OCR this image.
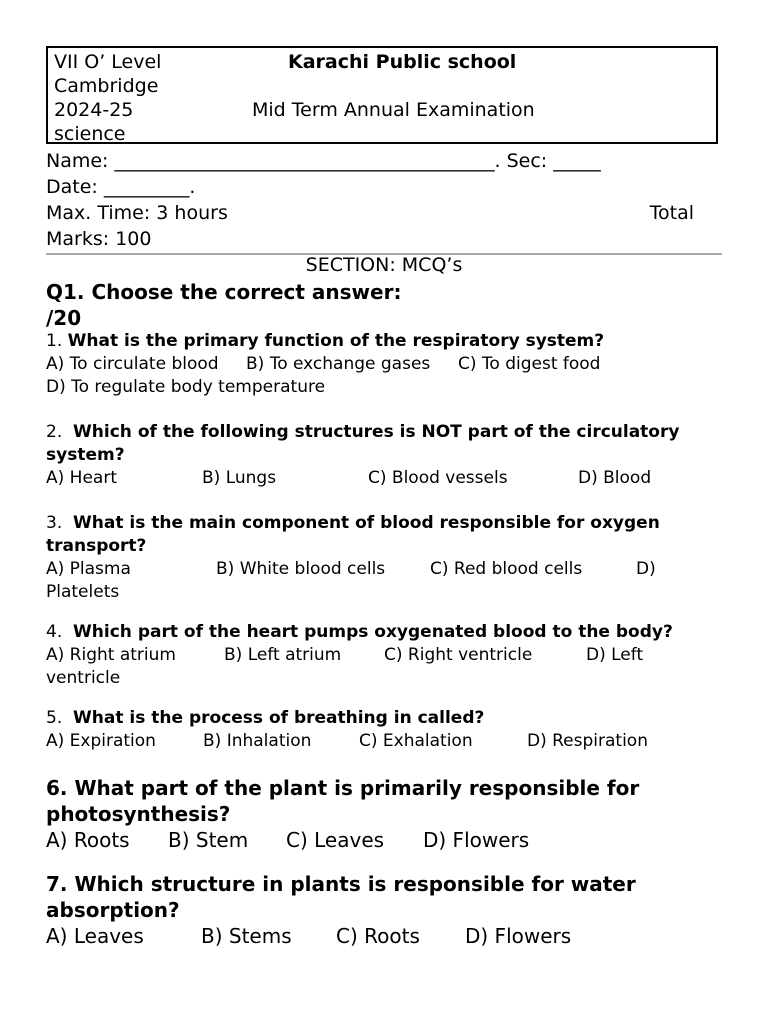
VII O’ Level
Cambridge
2024-25
science
Karachi Public school
Mid Term Annual Examination
Name: ________________________________________. Sec: _____
Date: _________.
Max. Time: 3 hours	Total
Marks: 100
SECTION: MCQ’s
Q1. Choose the correct answer:
/20
1. What is the primary function of the respiratory system?
A) To circulate blood B) To exchange gases C) To digest food
D) To regulate body temperature
2. Which of the following structures is NOT part of the circulatory
system?
A) Heart	B) Lungs	C) Blood vessels	D) Blood
3. What is the main component of blood responsible for oxygen
transport?
A) Plasma	B) White blood cells	C) Red blood cells	D)
Platelets
4. Which part of the heart pumps oxygenated blood to the body?
A) Right atrium	B) Left atrium	C) Right ventricle	D) Left
ventricle
5. What is the process of breathing in called?
A) Expiration	B) Inhalation	C) Exhalation	D) Respiration
6. What part of the plant is primarily responsible for
photosynthesis?
A) Roots B) Stem C) Leaves D) Flowers
7. Which structure in plants is responsible for water
absorption?
A) Leaves	B) Stems C) Roots D) Flowers
